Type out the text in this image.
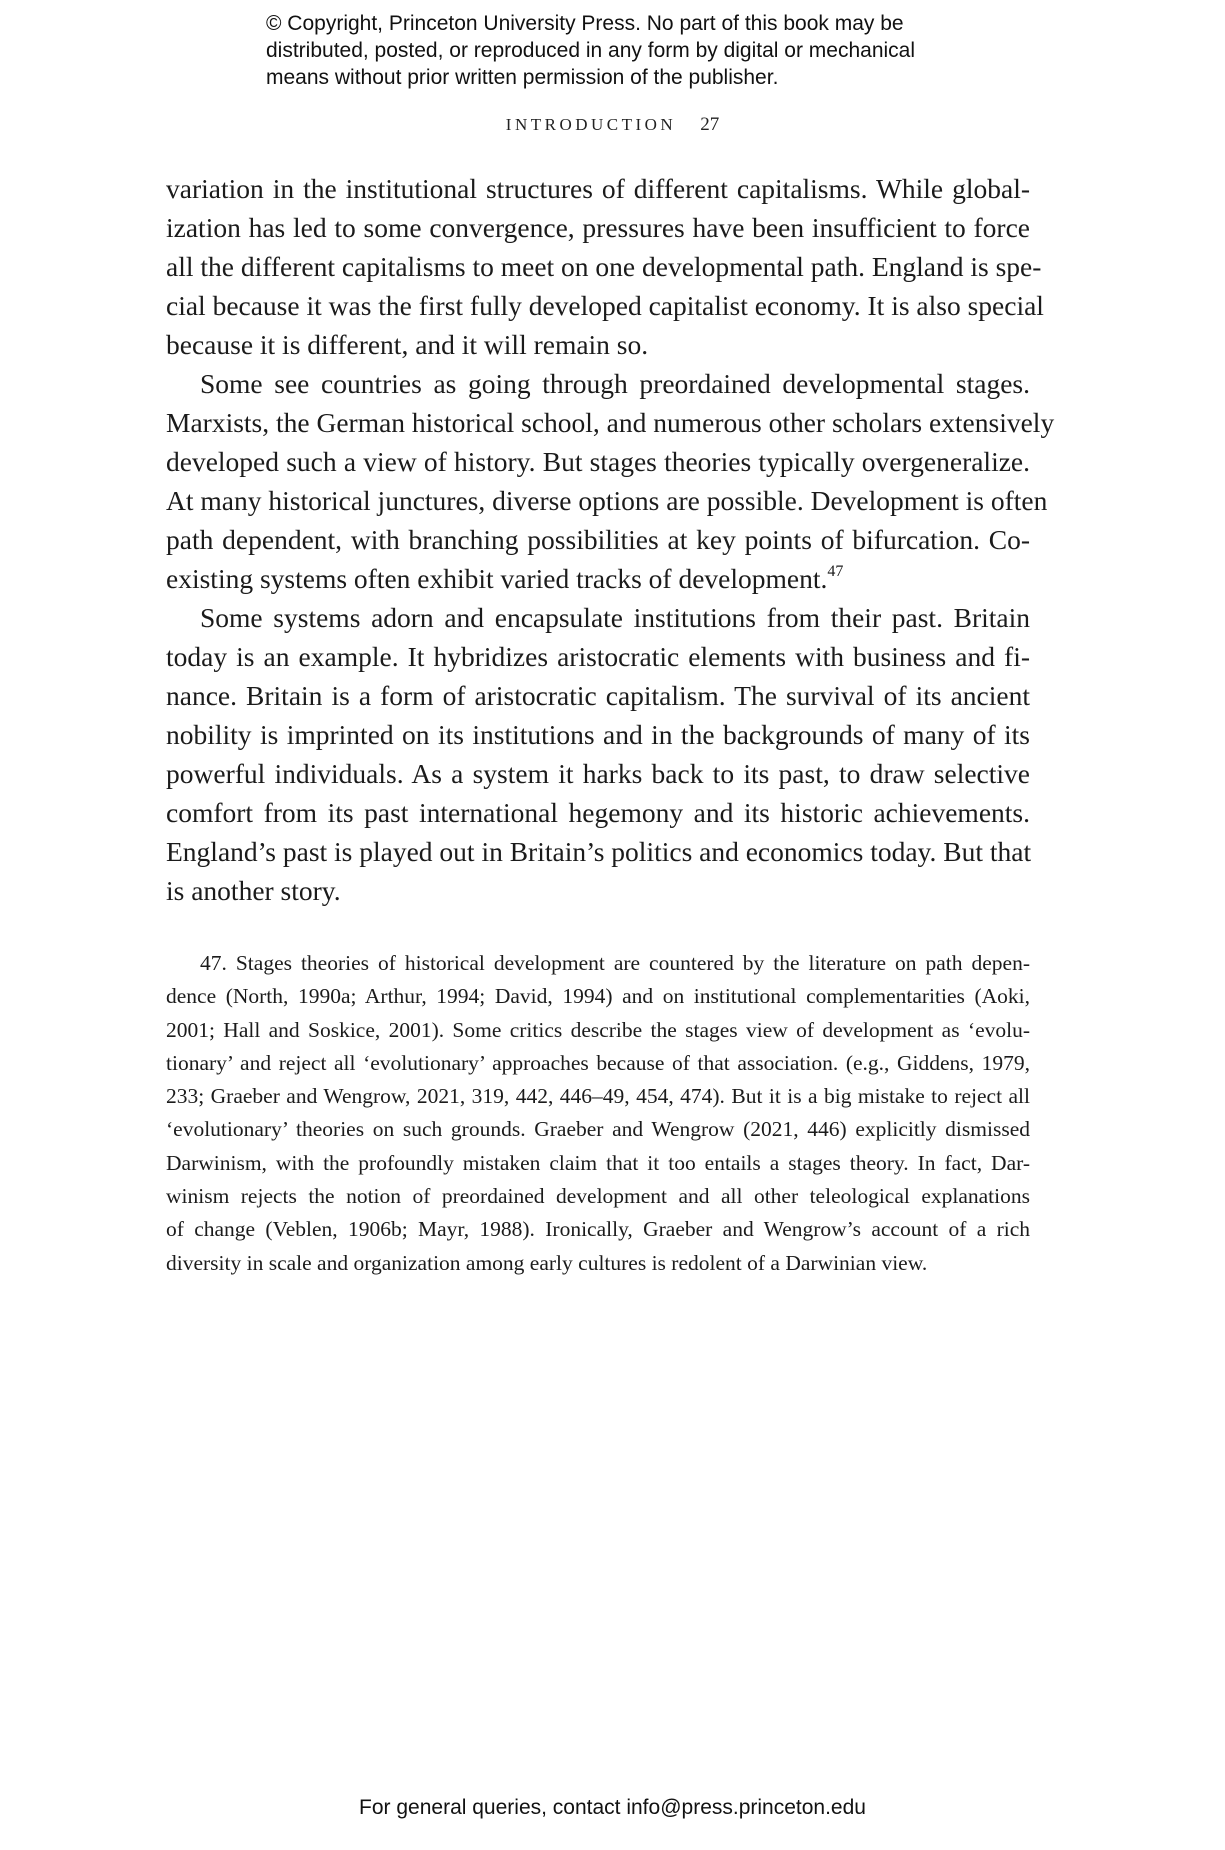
© Copyright, Princeton University Press. No part of this book may be
distributed, posted, or reproduced in any form by digital or mechanical
means without prior written permission of the publisher.
INTRODUCTION 27

variation in the institutional structures of different capitalisms. While global-
ization has led to some convergence, pressures have been insufficient to force
all the different capitalisms to meet on one developmental path. England is spe-
cial because it was the first fully developed capitalist economy. It is also special
because it is different, and it will remain so.

Some see countries as going through preordained developmental stages.
Marxists, the German historical school, and numerous other scholars extensively
developed such a view of history. But stages theories typically overgeneralize.
At many historical junctures, diverse options are possible. Development is often
path dependent, with branching possibilities at key points of bifurcation. Co-
existing systems often exhibit varied tracks of development.$^{47}$

Some systems adorn and encapsulate institutions from their past. Britain
today is an example. It hybridizes aristocratic elements with business and fi-
nance. Britain is a form of aristocratic capitalism. The survival of its ancient
nobility is imprinted on its institutions and in the backgrounds of many of its
powerful individuals. As a system it harks back to its past, to draw selective
comfort from its past international hegemony and its historic achievements.
England’s past is played out in Britain’s politics and economics today. But that
is another story.

47. Stages theories of historical development are countered by the literature on path depen-
dence (North, 1990a; Arthur, 1994; David, 1994) and on institutional complementarities (Aoki,
2001; Hall and Soskice, 2001). Some critics describe the stages view of development as ‘evolu-
tionary’ and reject all ‘evolutionary’ approaches because of that association. (e.g., Giddens, 1979,
233; Graeber and Wengrow, 2021, 319, 442, 446–49, 454, 474). But it is a big mistake to reject all
‘evolutionary’ theories on such grounds. Graeber and Wengrow (2021, 446) explicitly dismissed
Darwinism, with the profoundly mistaken claim that it too entails a stages theory. In fact, Dar-
winism rejects the notion of preordained development and all other teleological explanations
of change (Veblen, 1906b; Mayr, 1988). Ironically, Graeber and Wengrow’s account of a rich
diversity in scale and organization among early cultures is redolent of a Darwinian view.
For general queries, contact info@press.princeton.edu
